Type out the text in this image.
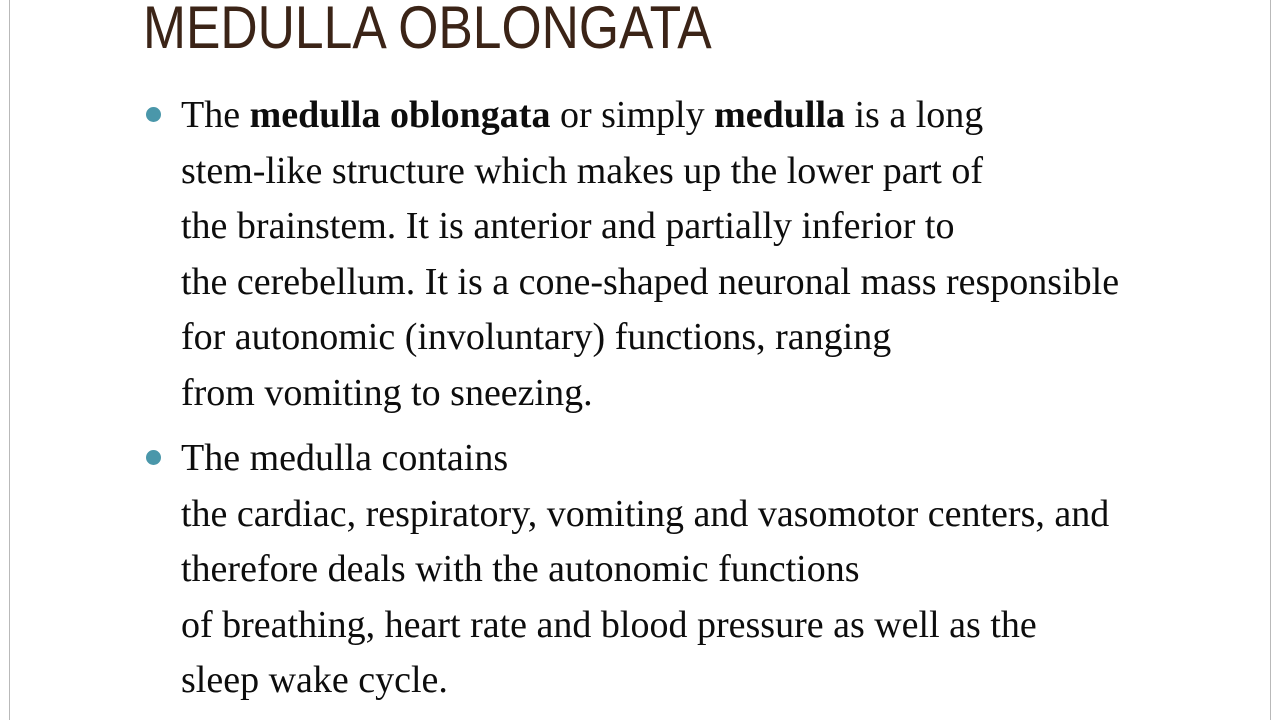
MEDULLA OBLONGATA
The medulla oblongata or simply medulla is a long
stem-like structure which makes up the lower part of
the brainstem. It is anterior and partially inferior to
the cerebellum. It is a cone-shaped neuronal mass responsible
for autonomic (involuntary) functions, ranging
from vomiting to sneezing.
The medulla contains
the cardiac, respiratory, vomiting and vasomotor centers, and
therefore deals with the autonomic functions
of breathing, heart rate and blood pressure as well as the
sleep wake cycle.
